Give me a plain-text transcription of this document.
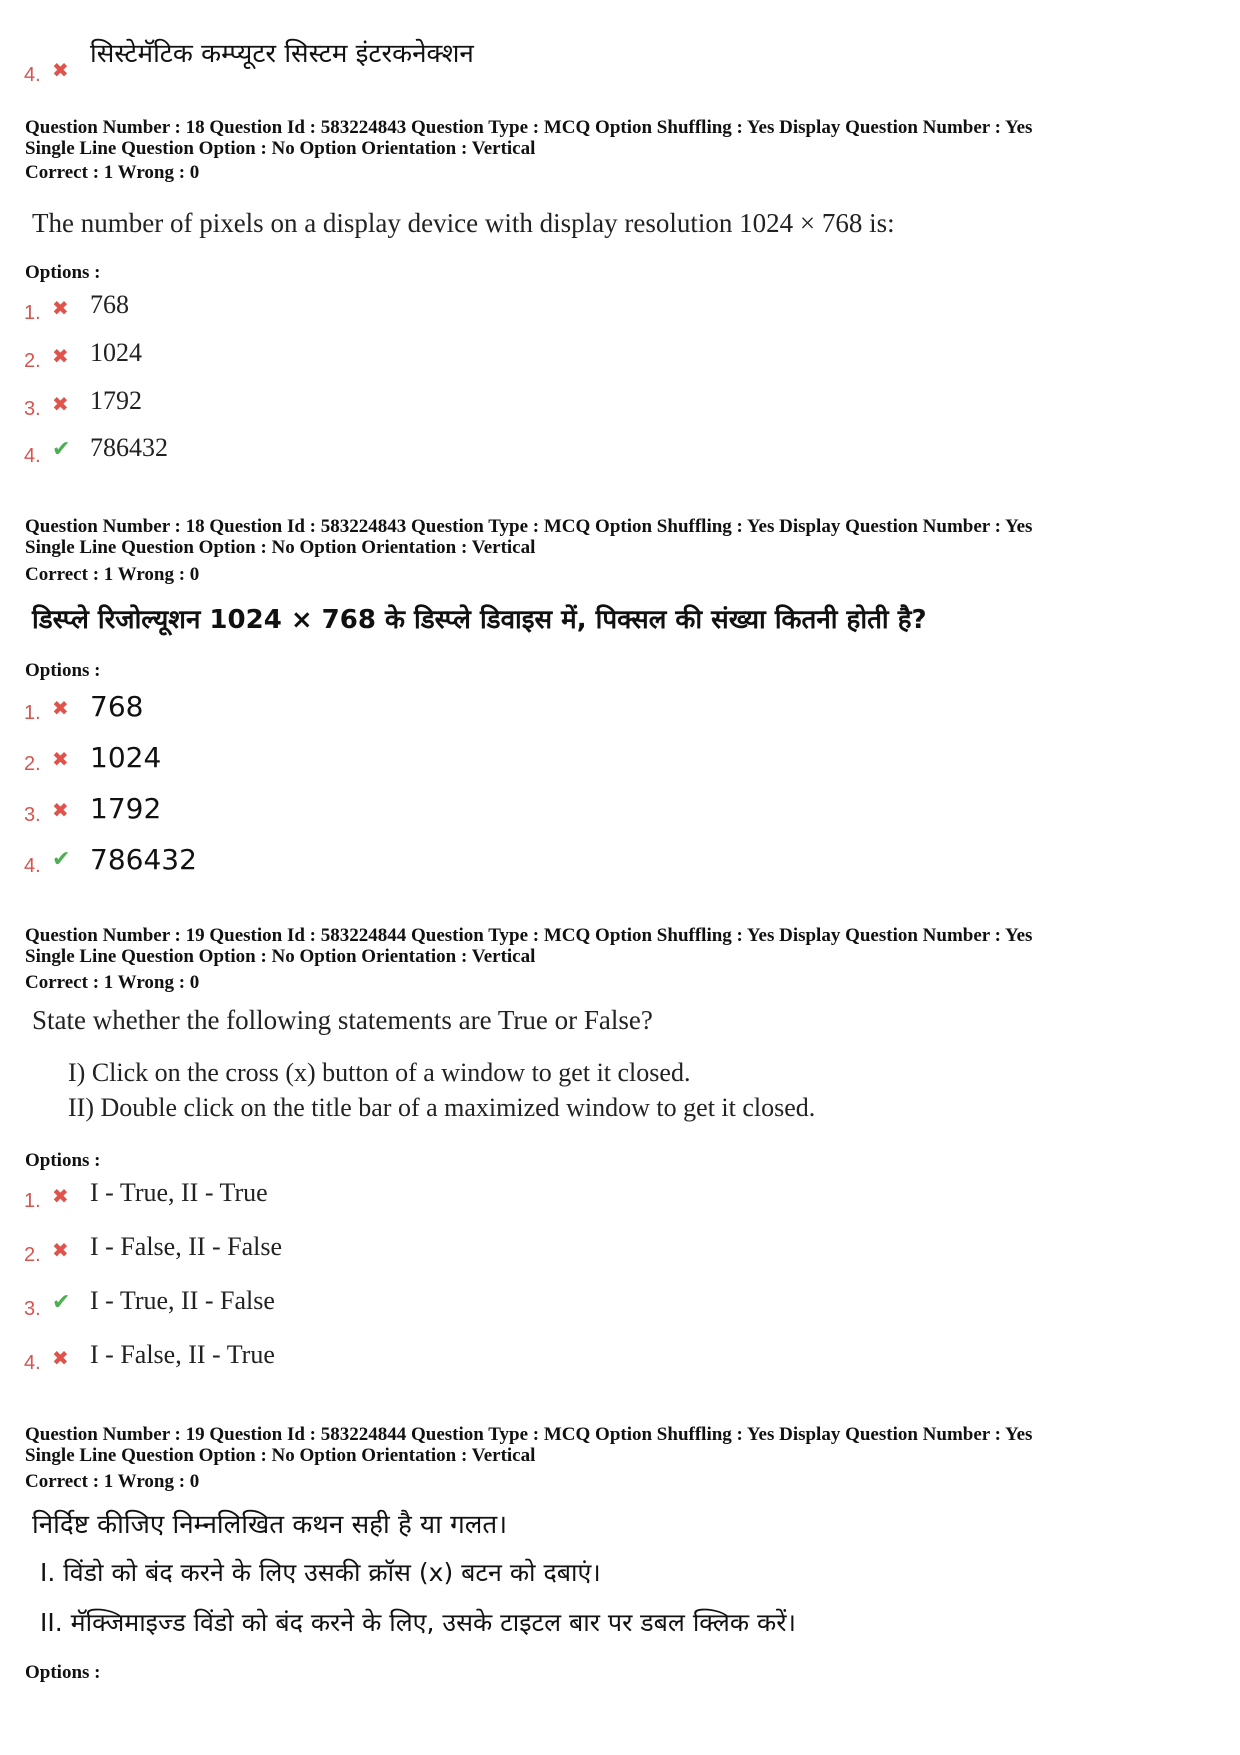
4. ✖
सिस्टेमॅटिक कम्प्यूटर सिस्टम इंटरकनेक्शन
Question Number : 18 Question Id : 583224843 Question Type : MCQ Option Shuffling : Yes Display Question Number : Yes
Single Line Question Option : No Option Orientation : Vertical
Correct : 1 Wrong : 0
The number of pixels on a display device with display resolution 1024 × 768 is:
Options :
1. ✖ 768
2. ✖ 1024
3. ✖ 1792
4. ✔ 786432
Question Number : 18 Question Id : 583224843 Question Type : MCQ Option Shuffling : Yes Display Question Number : Yes
Single Line Question Option : No Option Orientation : Vertical
Correct : 1 Wrong : 0
डिस्प्ले रिजोल्यूशन 1024 × 768 के डिस्प्ले डिवाइस में, पिक्सल की संख्या कितनी होती है?
Options :
1. ✖ 768
2. ✖ 1024
3. ✖ 1792
4. ✔ 786432
Question Number : 19 Question Id : 583224844 Question Type : MCQ Option Shuffling : Yes Display Question Number : Yes
Single Line Question Option : No Option Orientation : Vertical
Correct : 1 Wrong : 0
State whether the following statements are True or False?
I) Click on the cross (x) button of a window to get it closed.
II) Double click on the title bar of a maximized window to get it closed.
Options :
1. ✖ I - True, II - True
2. ✖ I - False, II - False
3. ✔ I - True, II - False
4. ✖ I - False, II - True
Question Number : 19 Question Id : 583224844 Question Type : MCQ Option Shuffling : Yes Display Question Number : Yes
Single Line Question Option : No Option Orientation : Vertical
Correct : 1 Wrong : 0
निर्दिष्ट कीजिए निम्नलिखित कथन सही है या गलत।
I. विंडो को बंद करने के लिए उसकी क्रॉस (x) बटन को दबाएं।
II. मॅक्जिमाइज्ड विंडो को बंद करने के लिए, उसके टाइटल बार पर डबल क्लिक करें।
Options :
